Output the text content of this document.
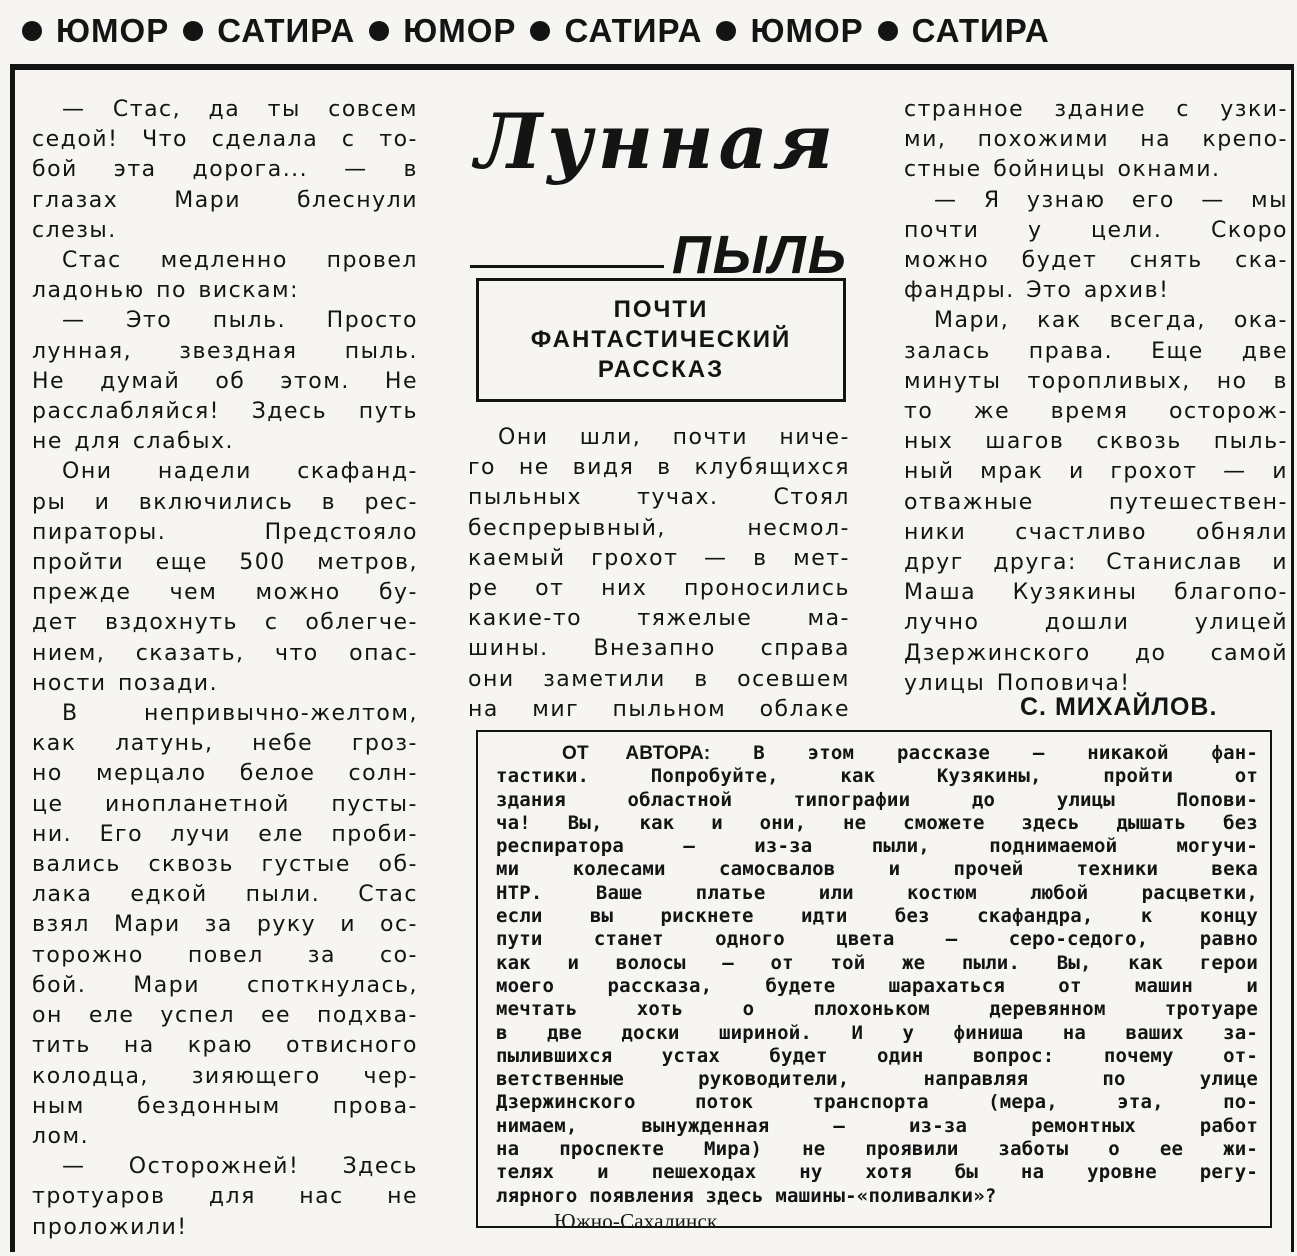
ЮМОР САТИРА ЮМОР САТИРА ЮМОР САТИРА
Лунная
ПЫЛЬ
ПОЧТИ
ФАНТАСТИЧЕСКИЙ
РАССКАЗ

— Стас, да ты совсем

седой! Что сделала с то-

бой эта дорога... — в

глазах Мари блеснули

слезы.

Стас медленно провел

ладонью по вискам:

— Это пыль. Просто

лунная, звездная пыль.

Не думай об этом. Не

расслабляйся! Здесь путь

не для слабых.

Они надели скафанд-

ры и включились в рес-

пираторы. Предстояло

пройти еще 500 метров,

прежде чем можно бу-

дет вздохнуть с облегче-

нием, сказать, что опас-

ности позади.

В непривычно-желтом,

как латунь, небе гроз-

но мерцало белое солн-

це инопланетной пусты-

ни. Его лучи еле проби-

вались сквозь густые об-

лака едкой пыли. Стас

взял Мари за руку и ос-

торожно повел за со-

бой. Мари споткнулась,

он еле успел ее подхва-

тить на краю отвисного

колодца, зияющего чер-

ным бездонным прова-

лом.

— Осторожней! Здесь

тротуаров для нас не

проложили!

Они шли, почти ниче-

го не видя в клубящихся

пыльных тучах. Стоял

беспрерывный, несмол-

каемый грохот — в мет-

ре от них проносились

какие-то тяжелые ма-

шины. Внезапно справа

они заметили в осевшем

на миг пыльном облаке

странное здание с узки-

ми, похожими на крепо-

стные бойницы окнами.

— Я узнаю его — мы

почти у цели. Скоро

можно будет снять ска-

фандры. Это архив!

Мари, как всегда, ока-

залась права. Еще две

минуты торопливых, но в

то же время осторож-

ных шагов сквозь пыль-

ный мрак и грохот — и

отважные путешествен-

ники счастливо обняли

друг друга: Станислав и

Маша Кузякины благопо-

лучно дошли улицей

Дзержинского до самой

улицы Поповича!

С. МИХАЙЛОВ.
ОТ АВТОРА: В этом рассказе — никакой фан-
тастики. Попробуйте, как Кузякины, пройти от
здания областной типографии до улицы Попови-
ча! Вы, как и они, не сможете здесь дышать без
респиратора — из-за пыли, поднимаемой могучи-
ми колесами самосвалов и прочей техники века
НТР. Ваше платье или костюм любой расцветки,
если вы рискнете идти без скафандра, к концу
пути станет одного цвета — серо-седого, равно
как и волосы — от той же пыли. Вы, как герои
моего рассказа, будете шарахаться от машин и
мечтать хоть о плохоньком деревянном тротуаре
в две доски шириной. И у финиша на ваших за-
пылившихся устах будет один вопрос: почему от-
ветственные руководители, направляя по улице
Дзержинского поток транспорта (мера, эта, по-
нимаем, вынужденная — из-за ремонтных работ
на проспекте Мира) не проявили заботы о ее жи-
телях и пешеходах ну хотя бы на уровне регу-
лярного появления здесь машины-«поливалки»?
Южно-Сахалинск
